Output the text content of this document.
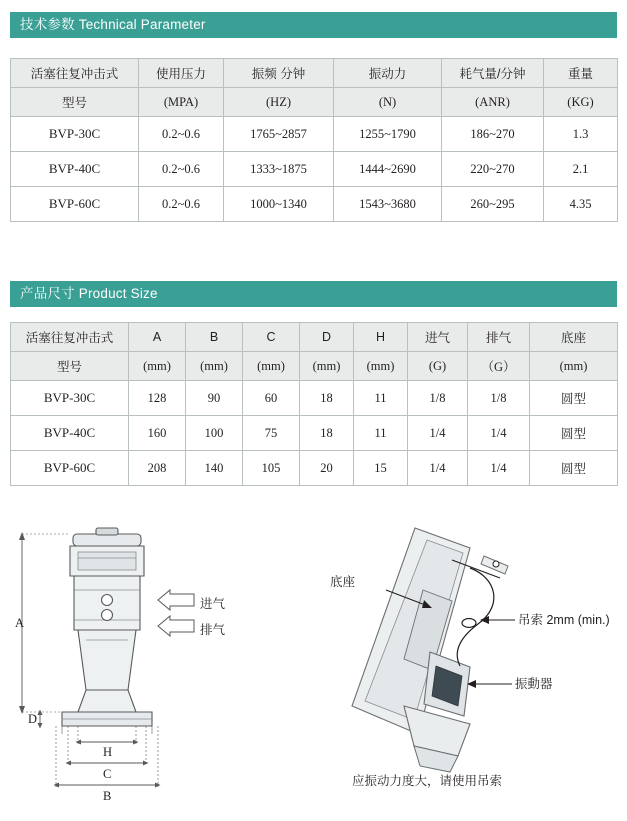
技术参数 Technical Parameter
活塞往复冲击式	使用压力	振频 分钟	振动力	耗气量/分钟	重量
型号	(MPA)	(HZ)	(N)	(ANR)	(KG)
BVP-30C	0.2~0.6	1765~2857	1255~1790	186~270	1.3
BVP-40C	0.2~0.6	1333~1875	1444~2690	220~270	2.1
BVP-60C	0.2~0.6	1000~1340	1543~3680	260~295	4.35
产品尺寸 Product Size
活塞往复冲击式	A	B	C	D	H	进气	排气	底座
型号	(mm)	(mm)	(mm)	(mm)	(mm)	(G)	（G）	(mm)
BVP-30C	128	90	60	18	11	1/8	1/8	圆型
BVP-40C	160	100	75	18	11	1/4	1/4	圆型
BVP-60C	208	140	105	20	15	1/4	1/4	圆型
A
D
H
C
B
进气
排气
底座
吊索 2mm (min.)
振動器
应振动力度大，请使用吊索
